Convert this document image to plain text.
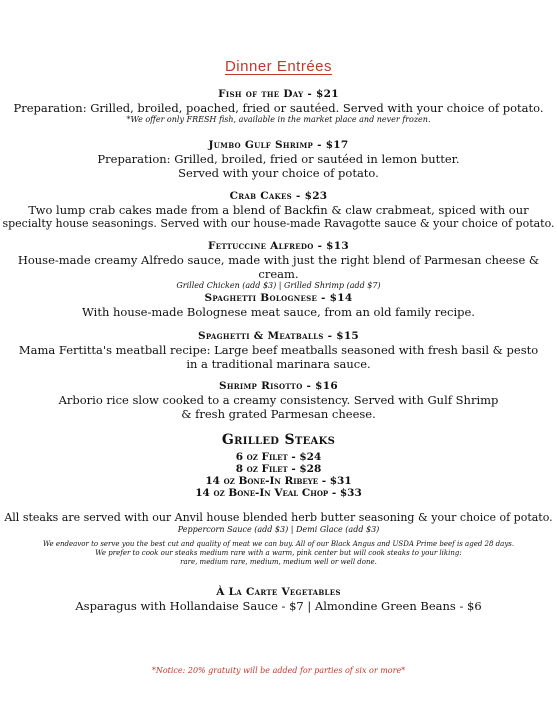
Dinner Entrées
Fish of the Day - $21
Preparation: Grilled, broiled, poached, fried or sautéed. Served with your choice of potato.
*We offer only FRESH fish, available in the market place and never frozen.
Jumbo Gulf Shrimp - $17
Preparation: Grilled, broiled, fried or sautéed in lemon butter.
Served with your choice of potato.
Crab Cakes - $23
Two lump crab cakes made from a blend of Backfin & claw crabmeat, spiced with our
specialty house seasonings. Served with our house-made Ravagotte sauce & your choice of potato.
Fettuccine Alfredo - $13
House-made creamy Alfredo sauce, made with just the right blend of Parmesan cheese & cream.
Grilled Chicken (add $3) | Grilled Shrimp (add $7)
Spaghetti Bolognese - $14
With house-made Bolognese meat sauce, from an old family recipe.
Spaghetti & Meatballs - $15
Mama Fertitta's meatball recipe: Large beef meatballs seasoned with fresh basil & pesto
in a traditional marinara sauce.
Shrimp Risotto - $16
Arborio rice slow cooked to a creamy consistency. Served with Gulf Shrimp
& fresh grated Parmesan cheese.
Grilled Steaks
6 oz Filet - $24
8 oz Filet - $28
14 oz Bone-In Ribeye - $31
14 oz Bone-In Veal Chop - $33
All steaks are served with our Anvil house blended herb butter seasoning & your choice of potato.
Peppercorn Sauce (add $3) | Demi Glace (add $3)
We endeavor to serve you the best cut and quality of meat we can buy. All of our Black Angus and USDA Prime beef is aged 28 days.
We prefer to cook our steaks medium rare with a warm, pink center but will cook steaks to your liking:
rare, medium rare, medium, medium well or well done.
À La Carte Vegetables
Asparagus with Hollandaise Sauce - $7 | Almondine Green Beans - $6
*Notice: 20% gratuity will be added for parties of six or more*
